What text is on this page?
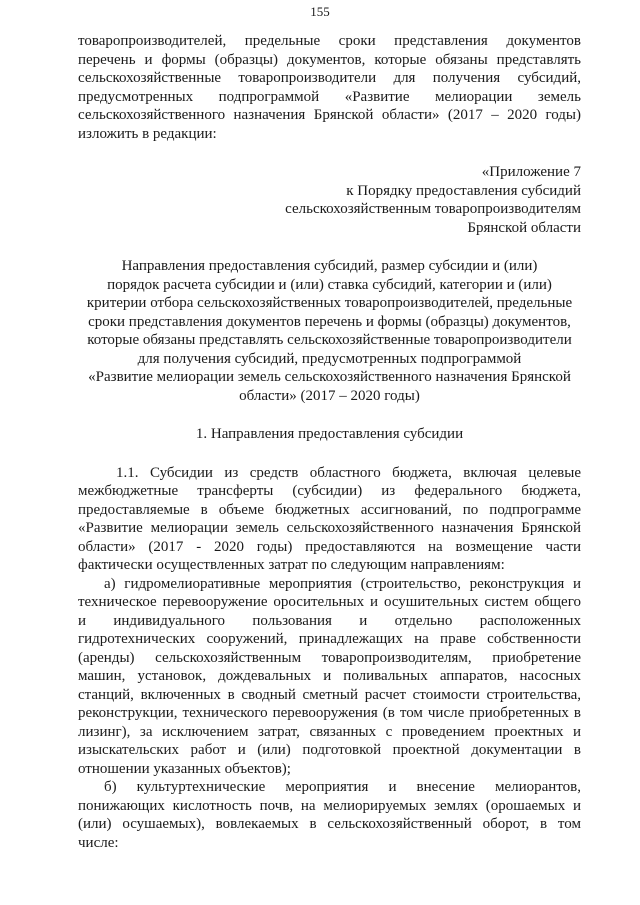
155
товаропроизводителей, предельные сроки представления документов
перечень и формы (образцы) документов, которые обязаны представлять
сельскохозяйственные товаропроизводители для получения субсидий,
предусмотренных подпрограммой «Развитие мелиорации земель
сельскохозяйственного назначения Брянской области» (2017 – 2020 годы)
изложить в редакции:
«Приложение 7
к Порядку предоставления субсидий
сельскохозяйственным товаропроизводителям
Брянской области
Направления предоставления субсидий, размер субсидии и (или)
порядок расчета субсидии и (или) ставка субсидий, категории и (или)
критерии отбора сельскохозяйственных товаропроизводителей, предельные
сроки представления документов перечень и формы (образцы) документов,
которые обязаны представлять сельскохозяйственные товаропроизводители
для получения субсидий, предусмотренных подпрограммой
«Развитие мелиорации земель сельскохозяйственного назначения Брянской
области» (2017 – 2020 годы)
1. Направления предоставления субсидии
1.1. Субсидии из средств областного бюджета, включая целевые
межбюджетные трансферты (субсидии) из федерального бюджета,
предоставляемые в объеме бюджетных ассигнований, по подпрограмме
«Развитие мелиорации земель сельскохозяйственного назначения Брянской
области» (2017 - 2020 годы) предоставляются на возмещение части
фактически осуществленных затрат по следующим направлениям:
а) гидромелиоративные мероприятия (строительство, реконструкция и
техническое перевооружение оросительных и осушительных систем общего
и индивидуального пользования и отдельно расположенных
гидротехнических сооружений, принадлежащих на праве собственности
(аренды) сельскохозяйственным товаропроизводителям, приобретение
машин, установок, дождевальных и поливальных аппаратов, насосных
станций, включенных в сводный сметный расчет стоимости строительства,
реконструкции, технического перевооружения (в том числе приобретенных в
лизинг), за исключением затрат, связанных с проведением проектных и
изыскательских работ и (или) подготовкой проектной документации в
отношении указанных объектов);
б) культуртехнические мероприятия и внесение мелиорантов,
понижающих кислотность почв, на мелиорируемых землях (орошаемых и
(или) осушаемых), вовлекаемых в сельскохозяйственный оборот, в том
числе:
